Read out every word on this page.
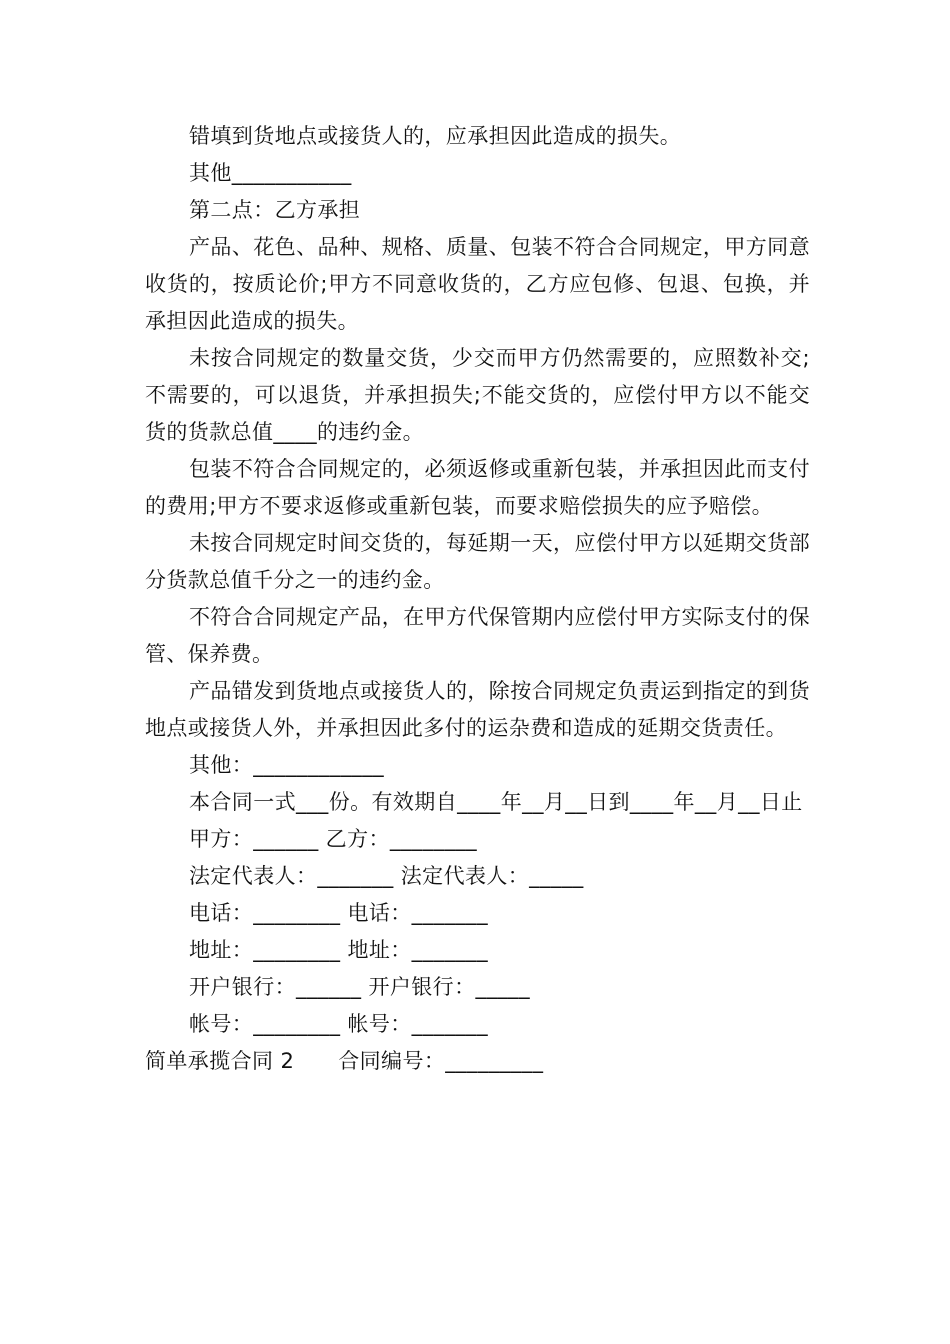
错填到货地点或接货人的，应承担因此造成的损失。

其他___________

第二点：乙方承担

产品、花色、品种、规格、质量、包装不符合合同规定，甲方同意收货的，按质论价;甲方不同意收货的，乙方应包修、包退、包换，并承担因此造成的损失。

未按合同规定的数量交货，少交而甲方仍然需要的，应照数补交;不需要的，可以退货，并承担损失;不能交货的，应偿付甲方以不能交货的货款总值____的违约金。

包装不符合合同规定的，必须返修或重新包装，并承担因此而支付的费用;甲方不要求返修或重新包装，而要求赔偿损失的应予赔偿。

未按合同规定时间交货的，每延期一天，应偿付甲方以延期交货部分货款总值千分之一的违约金。

不符合合同规定产品，在甲方代保管期内应偿付甲方实际支付的保管、保养费。

产品错发到货地点或接货人的，除按合同规定负责运到指定的到货地点或接货人外，并承担因此多付的运杂费和造成的延期交货责任。

其他：____________

本合同一式___份。有效期自____年__月__日到____年__月__日止

甲方：______ 乙方：________

法定代表人：_______ 法定代表人：_____

电话：________ 电话：_______

地址：________ 地址：_______

开户银行：______ 开户银行：_____

帐号：________ 帐号：_______

简单承揽合同 2 合同编号：_________
